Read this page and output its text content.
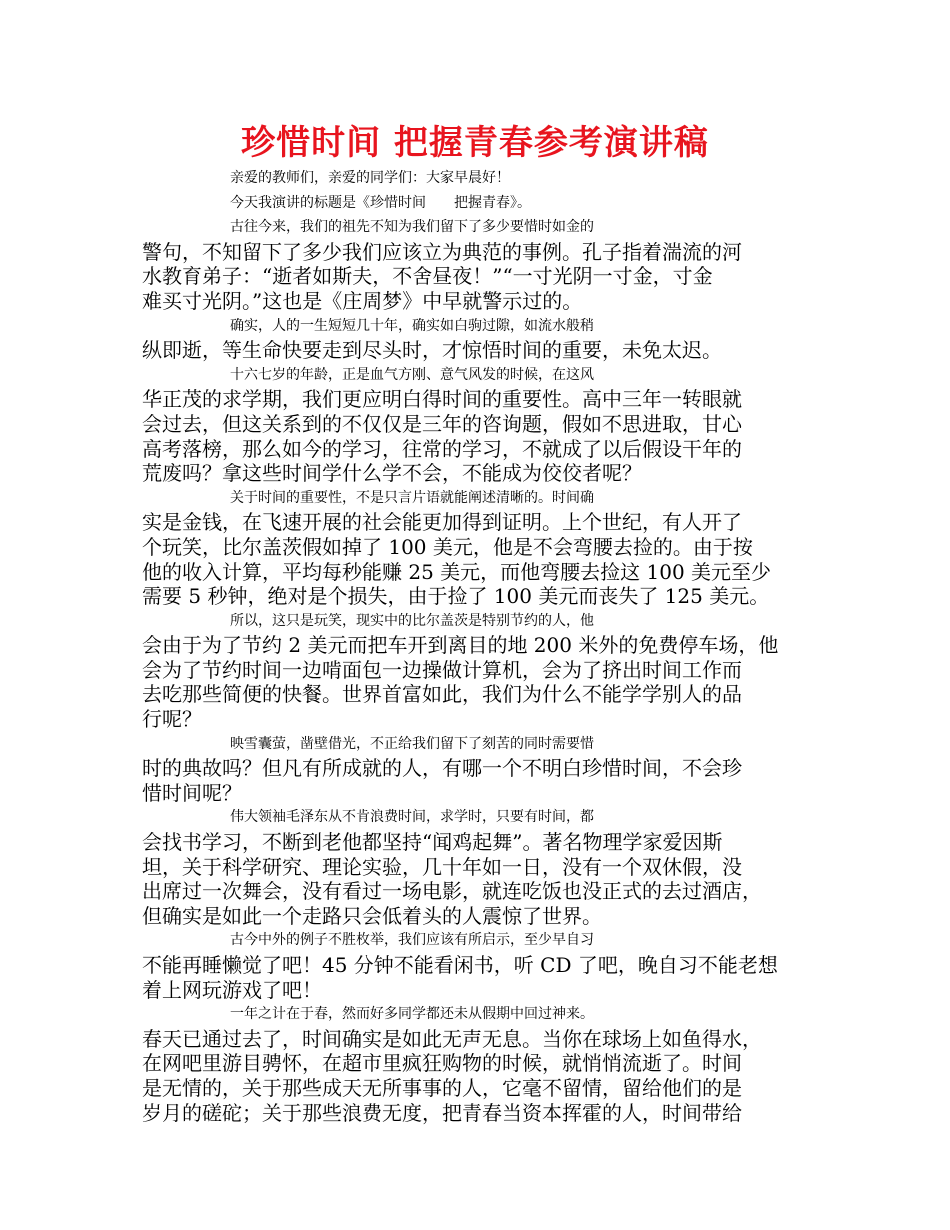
珍惜时间 把握青春参考演讲稿

亲爱的教师们，亲爱的同学们：大家早晨好！

今天我演讲的标题是《珍惜时间　　把握青春》。

古往今来，我们的祖先不知为我们留下了多少要惜时如金的

警句，不知留下了多少我们应该立为典范的事例。孔子指着湍流的河

水教育弟子：“逝者如斯夫，不舍昼夜！”“一寸光阴一寸金，寸金

难买寸光阴。”这也是《庄周梦》中早就警示过的。

确实，人的一生短短几十年，确实如白驹过隙，如流水般稍

纵即逝，等生命快要走到尽头时，才惊悟时间的重要，未免太迟。

十六七岁的年龄，正是血气方刚、意气风发的时候，在这风

华正茂的求学期，我们更应明白得时间的重要性。高中三年一转眼就

会过去，但这关系到的不仅仅是三年的咨询题，假如不思进取，甘心

高考落榜，那么如今的学习，往常的学习，不就成了以后假设干年的

荒废吗？拿这些时间学什么学不会，不能成为佼佼者呢？

关于时间的重要性，不是只言片语就能阐述清晰的。时间确

实是金钱，在飞速开展的社会能更加得到证明。上个世纪，有人开了

个玩笑，比尔盖茨假如掉了 100 美元，他是不会弯腰去捡的。由于按

他的收入计算，平均每秒能赚 25 美元，而他弯腰去捡这 100 美元至少

需要 5 秒钟，绝对是个损失，由于捡了 100 美元而丧失了 125 美元。

所以，这只是玩笑，现实中的比尔盖茨是特别节约的人，他

会由于为了节约 2 美元而把车开到离目的地 200 米外的免费停车场，他

会为了节约时间一边啃面包一边操做计算机，会为了挤出时间工作而

去吃那些简便的快餐。世界首富如此，我们为什么不能学学别人的品

行呢？

映雪囊萤，凿壁借光，不正给我们留下了刻苦的同时需要惜

时的典故吗？但凡有所成就的人，有哪一个不明白珍惜时间，不会珍

惜时间呢？

伟大领袖毛泽东从不肯浪费时间，求学时，只要有时间，都

会找书学习，不断到老他都坚持“闻鸡起舞”。著名物理学家爱因斯

坦，关于科学研究、理论实验，几十年如一日，没有一个双休假，没

出席过一次舞会，没有看过一场电影，就连吃饭也没正式的去过酒店，

但确实是如此一个走路只会低着头的人震惊了世界。

古今中外的例子不胜枚举，我们应该有所启示，至少早自习

不能再睡懒觉了吧！45 分钟不能看闲书，听 CD 了吧，晚自习不能老想

着上网玩游戏了吧！

一年之计在于春，然而好多同学都还未从假期中回过神来。

春天已通过去了，时间确实是如此无声无息。当你在球场上如鱼得水，

在网吧里游目骋怀，在超市里疯狂购物的时候，就悄悄流逝了。时间

是无情的，关于那些成天无所事事的人，它毫不留情，留给他们的是

岁月的磋砣；关于那些浪费无度，把青春当资本挥霍的人，时间带给
